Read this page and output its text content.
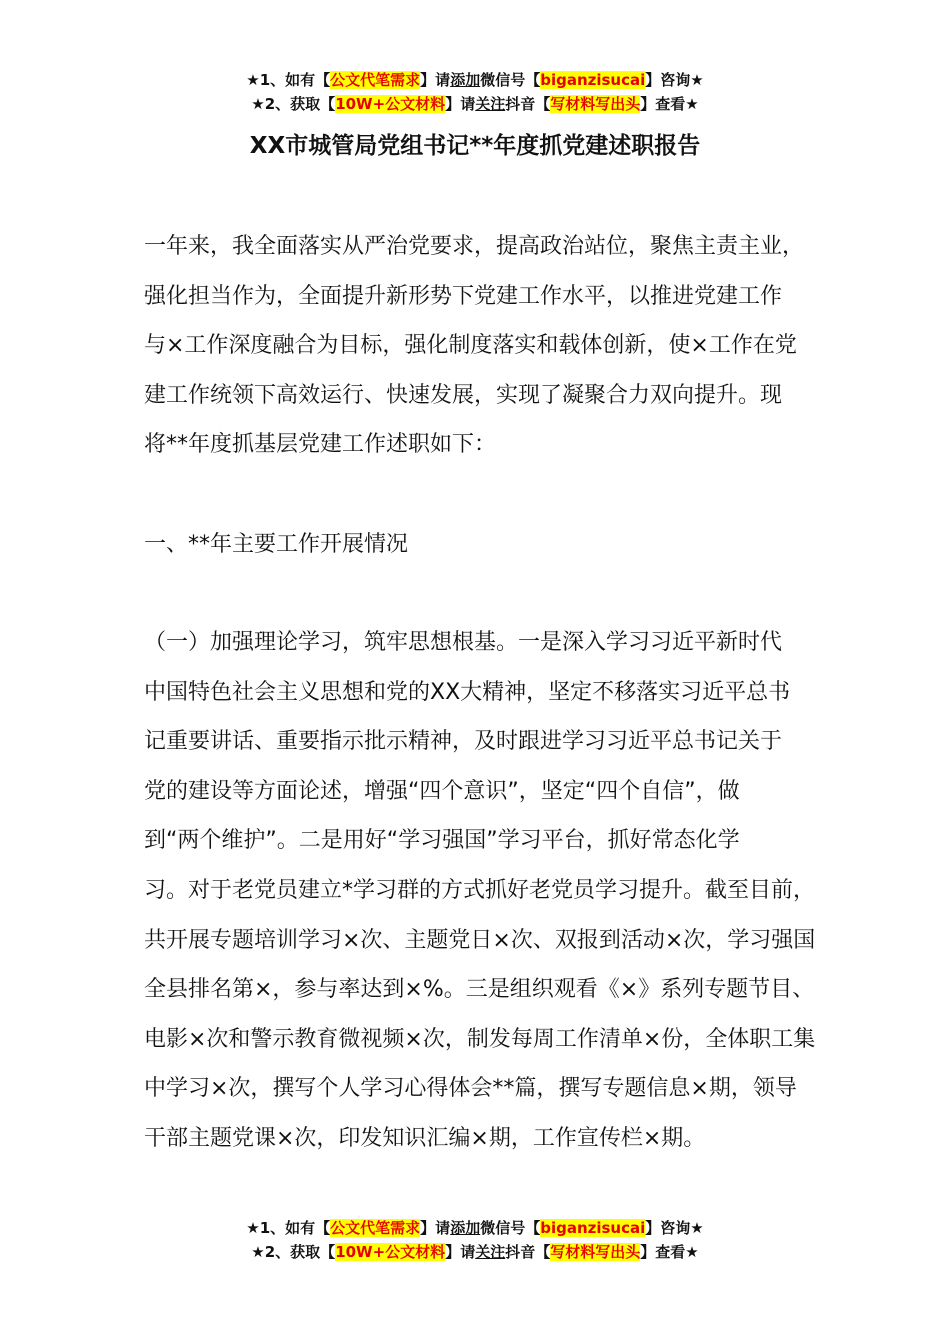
★1、如有【公文代笔需求】请添加微信号【biganzisucai】咨询★
★2、获取【10W+公文材料】请关注抖音【写材料写出头】查看★
XX市城管局党组书记**年度抓党建述职报告

一年来，我全面落实从严治党要求，提高政治站位，聚焦主责主业，
强化担当作为，全面提升新形势下党建工作水平，以推进党建工作
与×工作深度融合为目标，强化制度落实和载体创新，使×工作在党
建工作统领下高效运行、快速发展，实现了凝聚合力双向提升。现
将**年度抓基层党建工作述职如下：

一、**年主要工作开展情况

（一）加强理论学习，筑牢思想根基。一是深入学习习近平新时代
中国特色社会主义思想和党的XX大精神，坚定不移落实习近平总书
记重要讲话、重要指示批示精神，及时跟进学习习近平总书记关于
党的建设等方面论述，增强“四个意识”，坚定“四个自信”，做
到“两个维护”。二是用好“学习强国”学习平台，抓好常态化学
习。对于老党员建立*学习群的方式抓好老党员学习提升。截至目前，
共开展专题培训学习×次、主题党日×次、双报到活动×次，学习强国
全县排名第×，参与率达到×%。三是组织观看《×》系列专题节目、
电影×次和警示教育微视频×次，制发每周工作清单×份，全体职工集
中学习×次，撰写个人学习心得体会**篇，撰写专题信息×期，领导
干部主题党课×次，印发知识汇编×期，工作宣传栏×期。

★1、如有【公文代笔需求】请添加微信号【biganzisucai】咨询★
★2、获取【10W+公文材料】请关注抖音【写材料写出头】查看★
